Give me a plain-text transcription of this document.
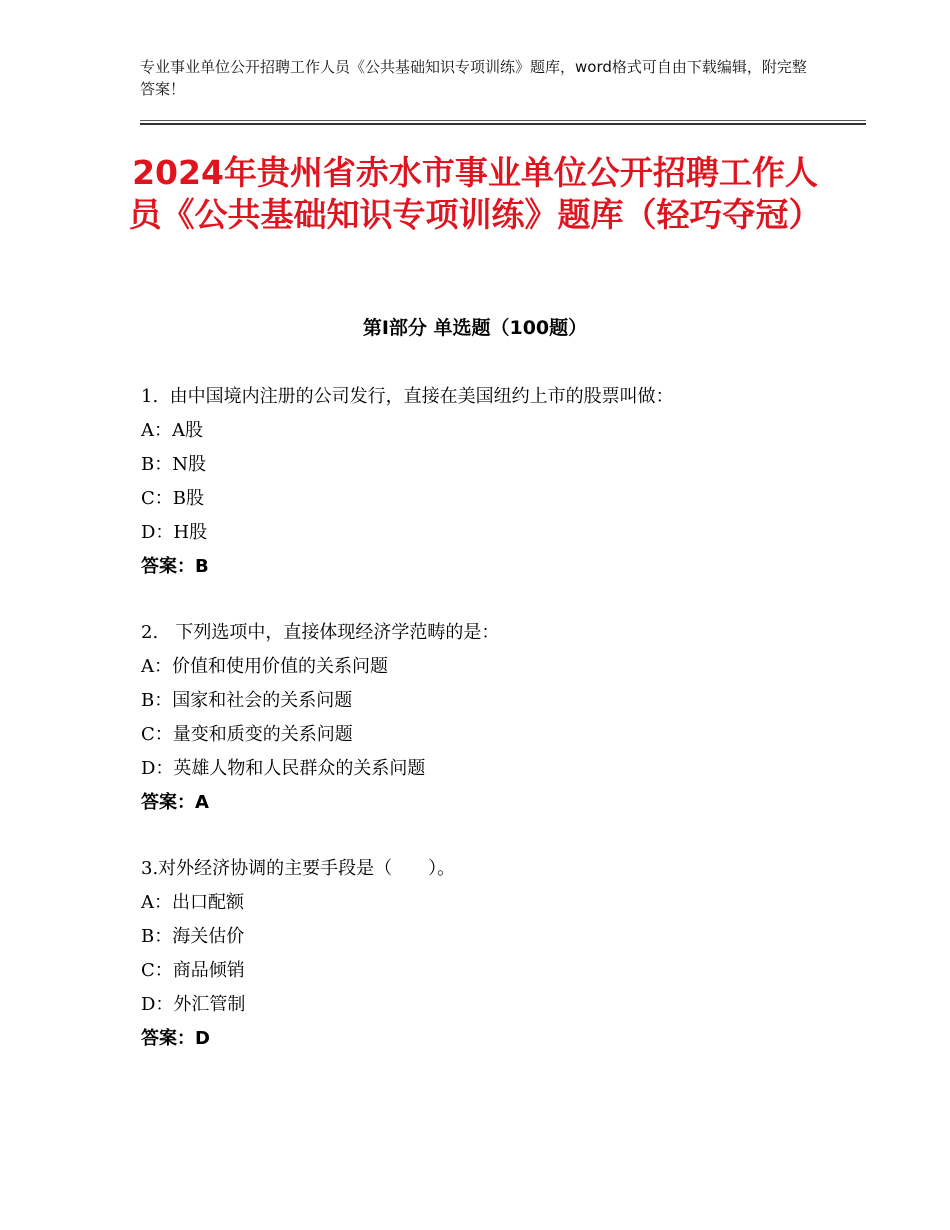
专业事业单位公开招聘工作人员《公共基础知识专项训练》题库，word格式可自由下载编辑，附完整答案！
2024年贵州省赤水市事业单位公开招聘工作人员《公共基础知识专项训练》题库（轻巧夺冠）
第Ⅰ部分 单选题（100题）
1.  由中国境内注册的公司发行，直接在美国纽约上市的股票叫做：
A：A股
B：N股
C：B股
D：H股
答案：B
2.   下列选项中，直接体现经济学范畴的是：
A：价值和使用价值的关系问题
B：国家和社会的关系问题
C：量变和质变的关系问题
D：英雄人物和人民群众的关系问题
答案：A
3.对外经济协调的主要手段是（　　）。
A：出口配额
B：海关估价
C：商品倾销
D：外汇管制
答案：D
